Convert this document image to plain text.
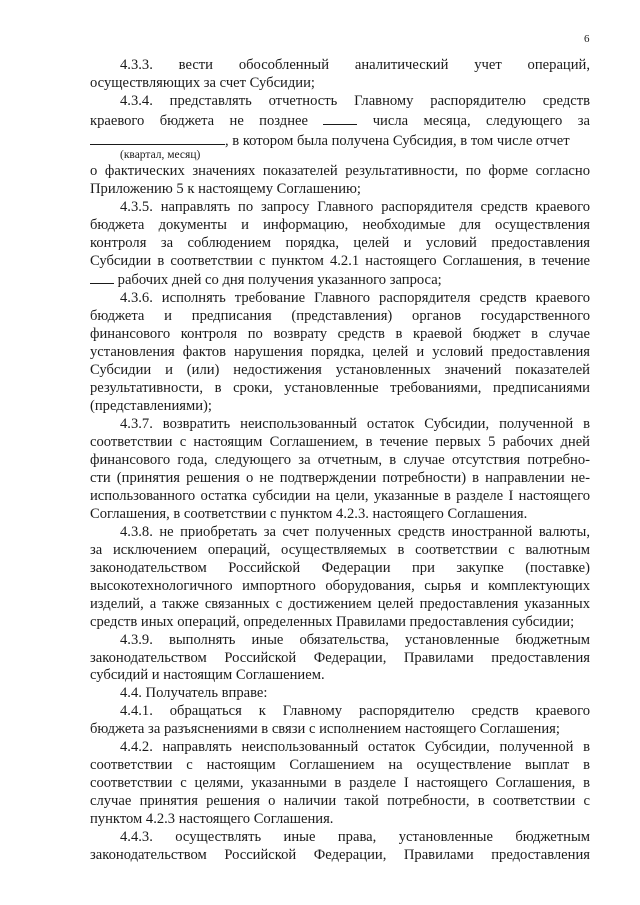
6
4.3.3. вести обособленный аналитический учет операций,
осуществляющих за счет Субсидии;
4.3.4. представлять отчетность Главному распорядителю средств
краевого бюджета не позднее	числа месяца, следующего за
, в котором была получена Субсидия, в том числе отчет
(квартал, месяц)
о фактических значениях показателей результативности, по форме согласно
Приложению 5 к настоящему Соглашению;
4.3.5. направлять по запросу Главного распорядителя средств краевого
бюджета документы и информацию, необходимые для осуществления
контроля за соблюдением порядка, целей и условий предоставления
Субсидии в соответствии с пунктом 4.2.1 настоящего Соглашения, в течение
рабочих дней со дня получения указанного запроса;
4.3.6. исполнять требование Главного распорядителя средств краевого
бюджета и предписания (представления) органов государственного
финансового контроля по возврату средств в краевой бюджет в случае
установления фактов нарушения порядка, целей и условий предоставления
Субсидии и (или) недостижения установленных значений показателей
результативности, в сроки, установленные требованиями, предписаниями
(представлениями);
4.3.7. возвратить неиспользованный остаток Субсидии, полученной в
соответствии с настоящим Соглашением, в течение первых 5 рабочих дней
финансового года, следующего за отчетным, в случае отсутствия потребно-
сти (принятия решения о не подтверждении потребности) в направлении не-
использованного остатка субсидии на цели, указанные в разделе I настоящего
Соглашения, в соответствии с пунктом 4.2.3. настоящего Соглашения.
4.3.8. не приобретать за счет полученных средств иностранной валюты,
за исключением операций, осуществляемых в соответствии с валютным
законодательством Российской Федерации при закупке (поставке)
высокотехнологичного импортного оборудования, сырья и комплектующих
изделий, а также связанных с достижением целей предоставления указанных
средств иных операций, определенных Правилами предоставления субсидии;
4.3.9. выполнять иные обязательства, установленные бюджетным
законодательством Российской Федерации, Правилами предоставления
субсидий и настоящим Соглашением.
4.4. Получатель вправе:
4.4.1. обращаться к Главному распорядителю средств краевого
бюджета за разъяснениями в связи с исполнением настоящего Соглашения;
4.4.2. направлять неиспользованный остаток Субсидии, полученной в
соответствии с настоящим Соглашением на осуществление выплат в
соответствии с целями, указанными в разделе I настоящего Соглашения, в
случае принятия решения о наличии такой потребности, в соответствии с
пунктом 4.2.3 настоящего Соглашения.
4.4.3. осуществлять иные права, установленные бюджетным
законодательством Российской Федерации, Правилами предоставления
